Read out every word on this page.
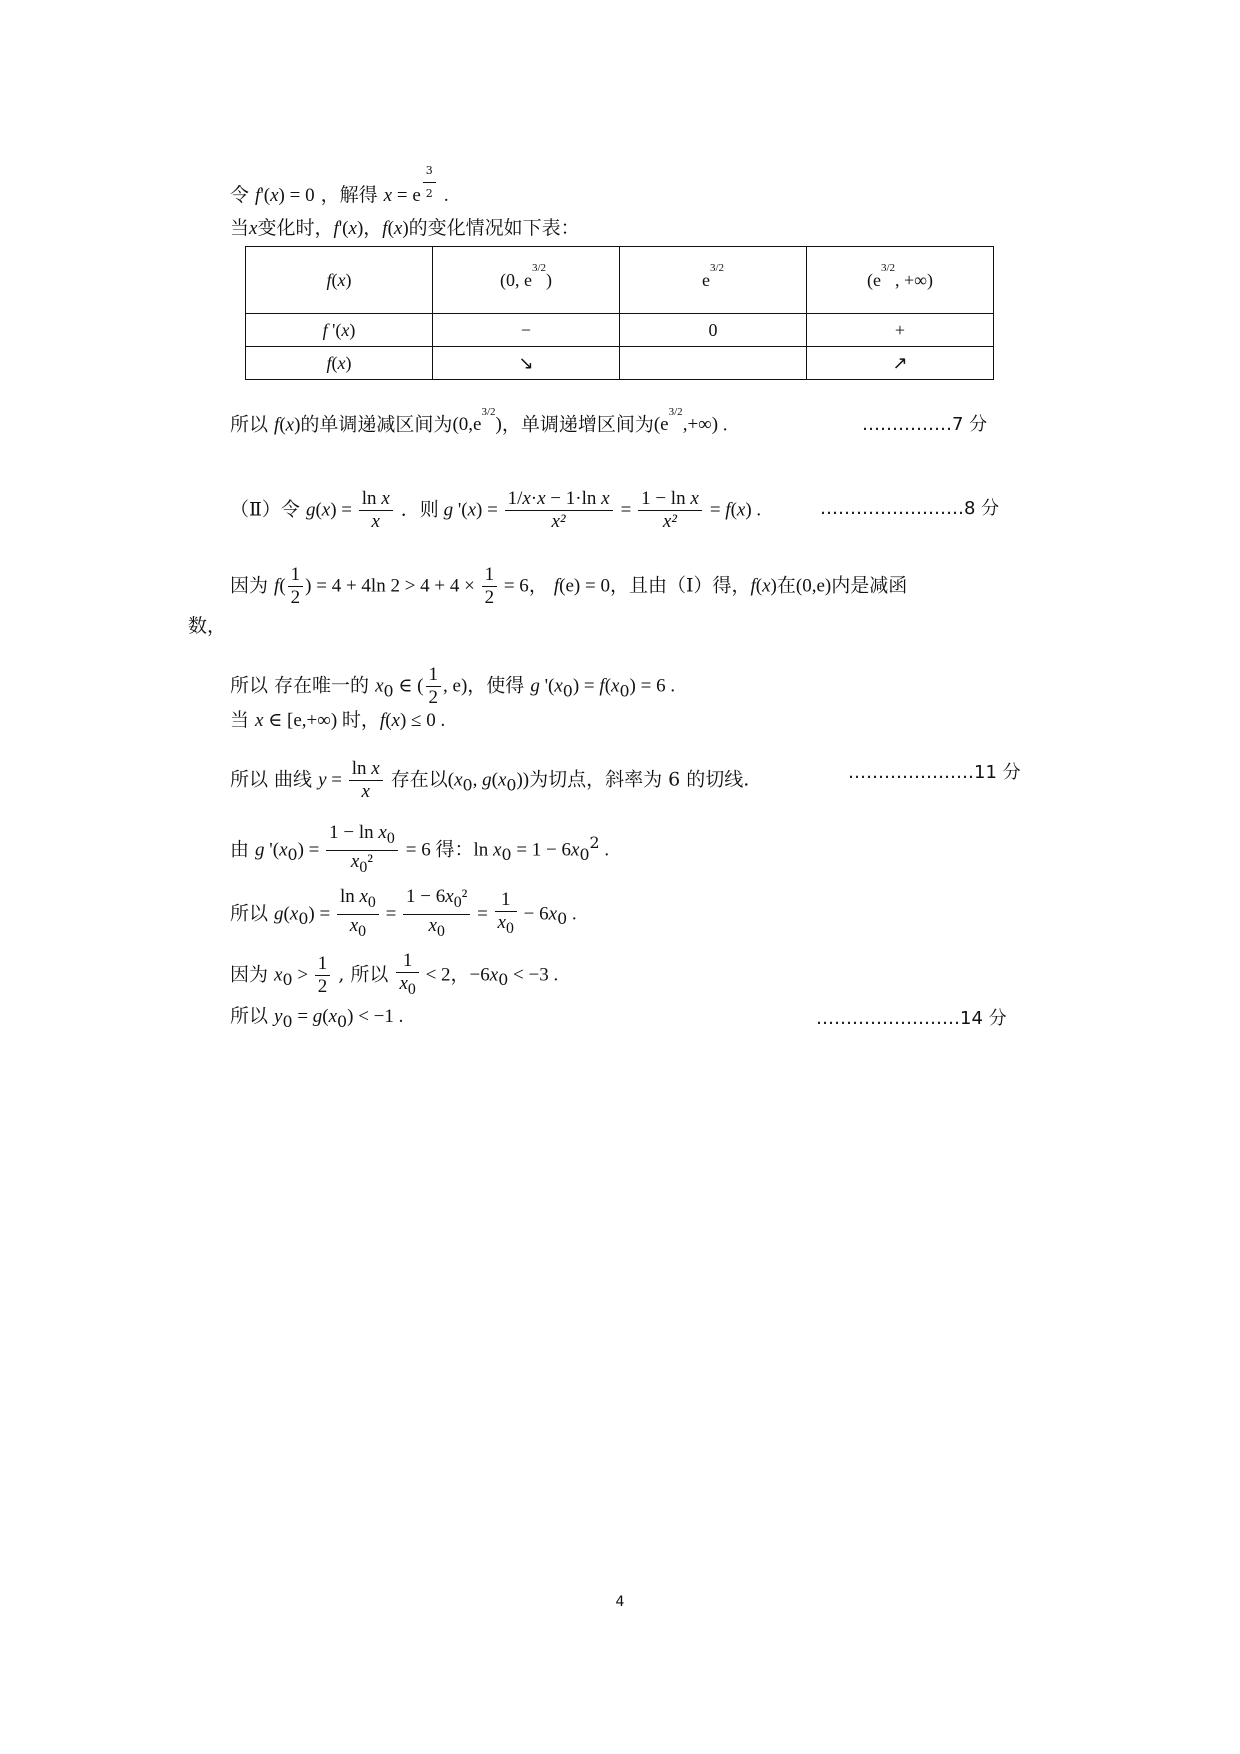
令 f'(x) = 0 ，解得 x = e $^{\frac{3}{2}}$ .
当x变化时，f'(x)，f(x)的变化情况如下表：
f(x)	(0, $e^{3/2}$)	$e^{3/2}$	($e^{3/2}$, +∞)
f '(x)	−	0	+
f(x)	↘		↗
所以 f(x)的单调递减区间为$(0,e^{3/2})$，单调递增区间为$(e^{3/2},+\infty)$ .	……………7 分
（Ⅱ）令 $g(x) = \frac{\text{ln x}}{x}$ ．则 g '$(x) = \frac{\text{1/x·x − 1·ln x}}{\text{x²}} = \frac{\text{1 − ln x}}{\text{x²}} = f(x)$ .	……………………8 分
因为 $f( \frac{1}{2}$ ) = 4 + 4ln $2 > 4 + 4 \times \frac{1}{2} = 6$， f(e) = 0，且由（Ⅰ）得，f(x)在(0,e)内是减函
数，
所以 存在唯一的 $x_0$ ∈ ( $\frac{1}{2}$ , e)，使得 g '$(x_0) = f(x_0) = 6$ .
当 x ∈ [e,+∞) 时，f(x) ≤ 0 .
所以 曲线 $y = \frac{\text{ln x}}{x}$ 存在以($x_0$, $g(x_0)$)为切点，斜率为 6 的切线.	…………………11 分
由 g '$(x_0) = \frac{1 - \ln x_0}{x_0^2} = 6$ 得：$\ln x_0 = 1 - 6x_0^2$ .
所以 $g(x_0) = \frac{\ln x_0}{x_0} = \frac{1 - 6x_0^2}{x_0} = \frac{1}{x_0} - 6x_0$ .
因为 $x_0 > \frac{1}{2}$ , 所以 $\frac{1}{x_0} < 2$，$-6x_0 < -3$ .
所以 $y_0 = g(x_0) < -1$ .	……………………14 分
4
